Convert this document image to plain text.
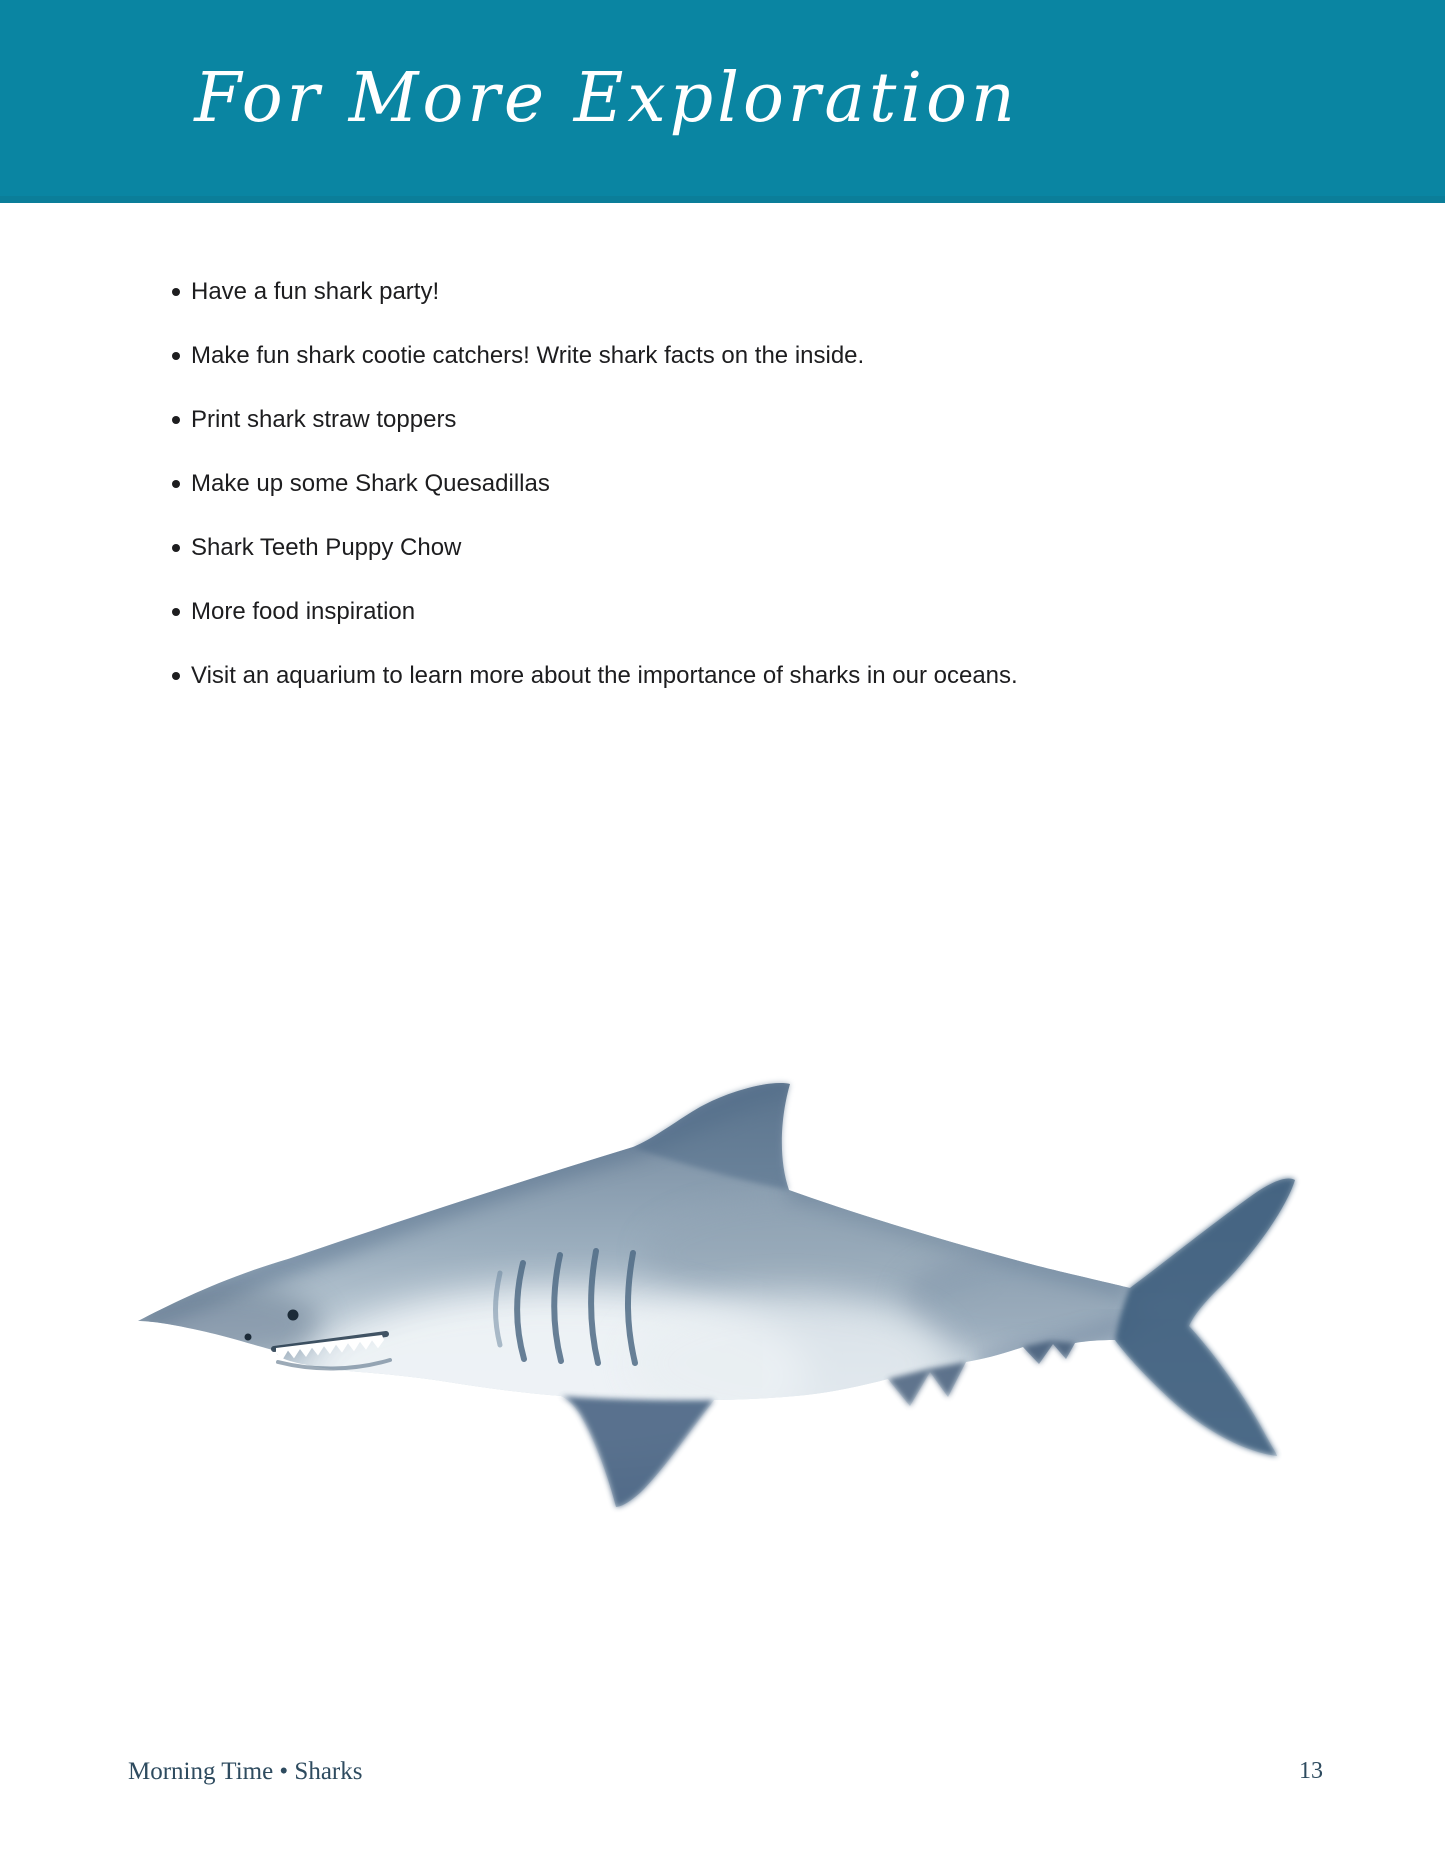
For More Exploration
Have a fun shark party!
Make fun shark cootie catchers! Write shark facts on the inside.
Print shark straw toppers
Make up some Shark Quesadillas
Shark Teeth Puppy Chow
More food inspiration
Visit an aquarium to learn more about the importance of sharks in our oceans.
Morning Time • Sharks	13
